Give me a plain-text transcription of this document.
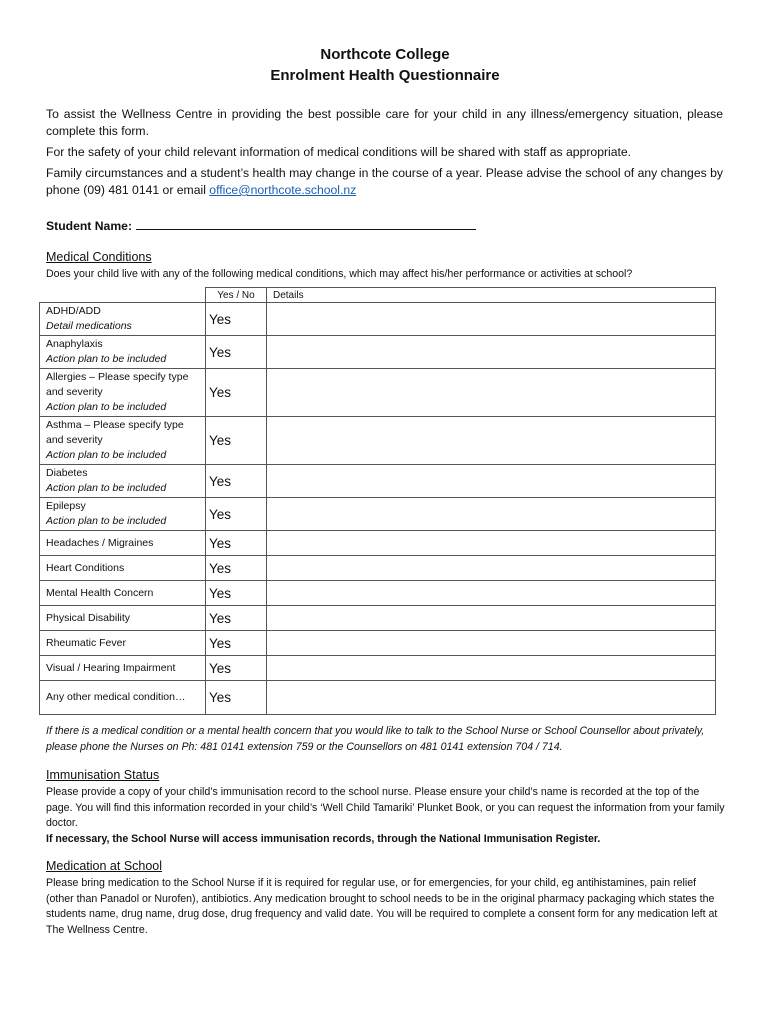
Northcote College
Enrolment Health Questionnaire
To assist the Wellness Centre in providing the best possible care for your child in any illness/emergency situation, please complete this form.
For the safety of your child relevant information of medical conditions will be shared with staff as appropriate.
Family circumstances and a student’s health may change in the course of a year. Please advise the school of any changes by phone (09) 481 0141 or email office@northcote.school.nz
Student Name:
Medical Conditions
Does your child live with any of the following medical conditions, which may affect his/her performance or activities at school?
	Yes / No	Details
ADHD/ADD
Detail medications	Yes	
Anaphylaxis
Action plan to be included	Yes	
Allergies – Please specify type and severity
Action plan to be included	Yes	
Asthma – Please specify type and severity
Action plan to be included	Yes	
Diabetes
Action plan to be included	Yes	
Epilepsy
Action plan to be included	Yes	
Headaches / Migraines	Yes	
Heart Conditions	Yes	
Mental Health Concern	Yes	
Physical Disability	Yes	
Rheumatic Fever	Yes	
Visual / Hearing Impairment	Yes	
Any other medical condition…	Yes	
If there is a medical condition or a mental health concern that you would like to talk to the School Nurse or School Counsellor about privately, please phone the Nurses on Ph: 481 0141 extension 759 or the Counsellors on 481 0141 extension 704 / 714.
Immunisation Status
Please provide a copy of your child’s immunisation record to the school nurse. Please ensure your child’s name is recorded at the top of the page. You will find this information recorded in your child’s ‘Well Child Tamariki’ Plunket Book, or you can request the information from your family doctor.
If necessary, the School Nurse will access immunisation records, through the National Immunisation Register.
Medication at School
Please bring medication to the School Nurse if it is required for regular use, or for emergencies, for your child, eg antihistamines, pain relief (other than Panadol or Nurofen), antibiotics. Any medication brought to school needs to be in the original pharmacy packaging which states the students name, drug name, drug dose, drug frequency and valid date. You will be required to complete a consent form for any medication left at The Wellness Centre.
